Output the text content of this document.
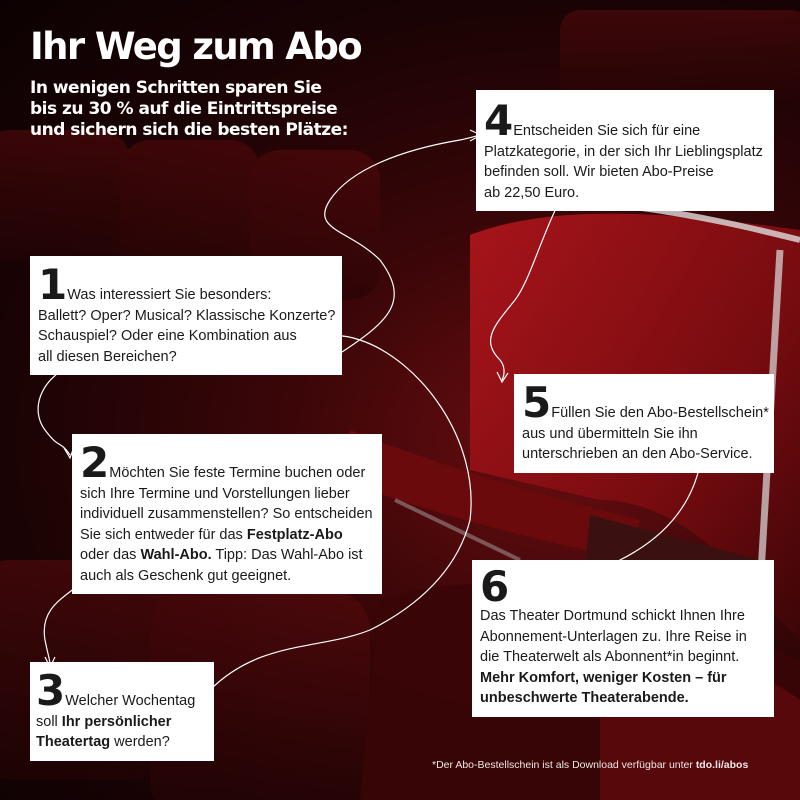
Ihr Weg zum Abo
In wenigen Schritten sparen Sie
bis zu 30 % auf die Eintrittspreise
und sichern sich die besten Plätze:
1 Was interessiert Sie besonders:
Ballett? Oper? Musical? Klassische Konzerte?
Schauspiel? Oder eine Kombination aus
all diesen Bereichen?
2 Möchten Sie feste Termine buchen oder
sich Ihre Termine und Vorstellungen lieber
individuell zusammenstellen? So entscheiden
Sie sich entweder für das Festplatz-Abo
oder das Wahl-Abo. Tipp: Das Wahl-Abo ist
auch als Geschenk gut geeignet.
3 Welcher Wochentag
soll Ihr persönlicher
Theatertag werden?
4 Entscheiden Sie sich für eine
Platzkategorie, in der sich Ihr Lieblingsplatz
befinden soll. Wir bieten Abo-Preise
ab 22,50 Euro.
5 Füllen Sie den Abo-Bestellschein*
aus und übermitteln Sie ihn
unterschrieben an den Abo-Service.
6
Das Theater Dortmund schickt Ihnen Ihre
Abonnement-Unterlagen zu. Ihre Reise in
die Theaterwelt als Abonnent*in beginnt.
Mehr Komfort, weniger Kosten – für
unbeschwerte Theaterabende.
*Der Abo-Bestellschein ist als Download verfügbar unter tdo.li/abos
